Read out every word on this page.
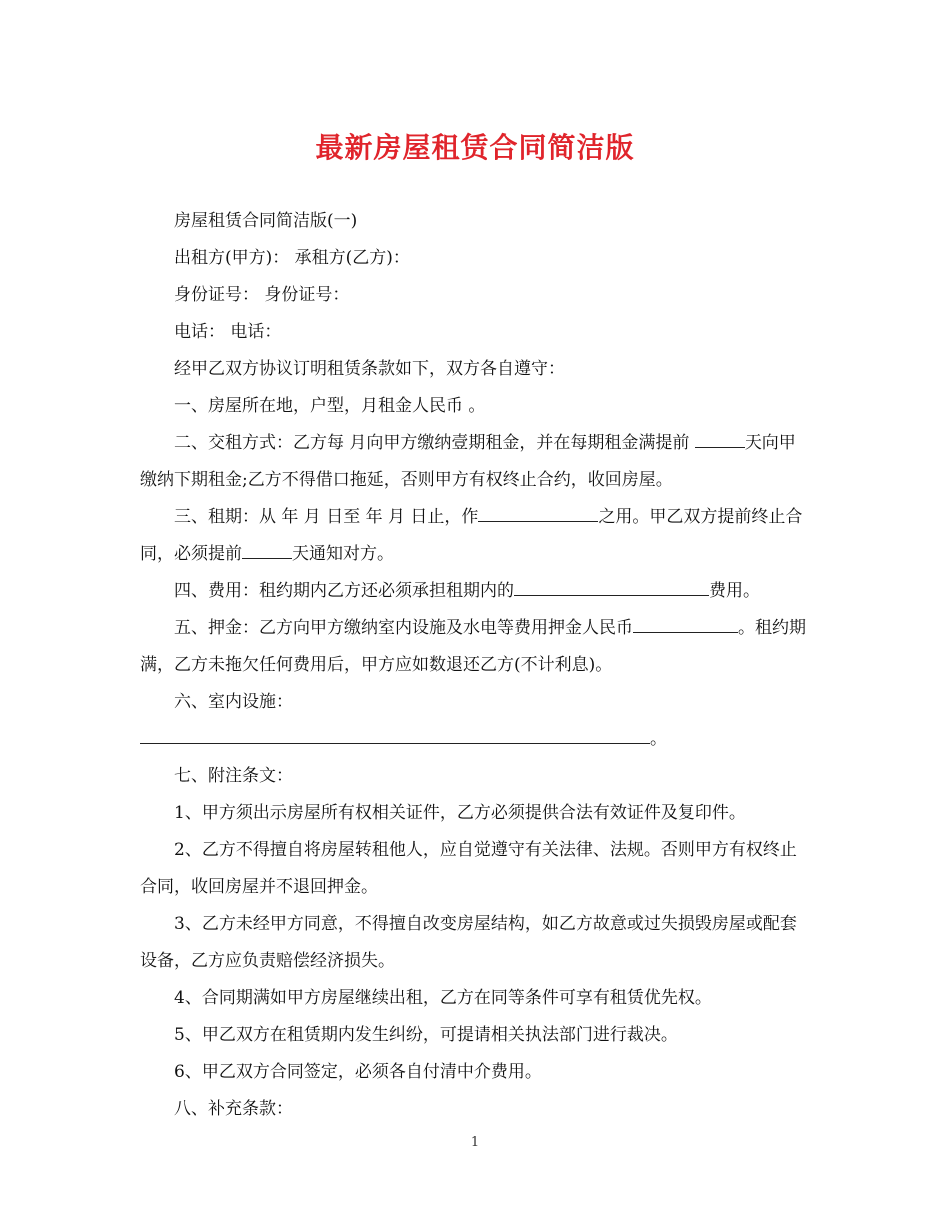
最新房屋租赁合同简洁版

房屋租赁合同简洁版(一)

出租方(甲方)： 承租方(乙方)：

身份证号： 身份证号：

电话： 电话：

经甲乙双方协议订明租赁条款如下，双方各自遵守：

一、房屋所在地，户型，月租金人民币 。

二、交租方式：乙方每 月向甲方缴纳壹期租金，并在每期租金满提前	天向甲缴纳下期租金;乙方不得借口拖延，否则甲方有权终止合约，收回房屋。

三、租期：从 年 月 日至 年 月 日止，作	之用。甲乙双方提前终止合同，必须提前	天通知对方。

四、费用：租约期内乙方还必须承担租期内的	费用。

五、押金：乙方向甲方缴纳室内设施及水电等费用押金人民币	。租约期满，乙方未拖欠任何费用后，甲方应如数退还乙方(不计利息)。

六、室内设施：

。

七、附注条文：

1、甲方须出示房屋所有权相关证件，乙方必须提供合法有效证件及复印件。

2、乙方不得擅自将房屋转租他人，应自觉遵守有关法律、法规。否则甲方有权终止合同，收回房屋并不退回押金。

3、乙方未经甲方同意，不得擅自改变房屋结构，如乙方故意或过失损毁房屋或配套设备，乙方应负责赔偿经济损失。

4、合同期满如甲方房屋继续出租，乙方在同等条件可享有租赁优先权。

5、甲乙双方在租赁期内发生纠纷，可提请相关执法部门进行裁决。

6、甲乙双方合同签定，必须各自付清中介费用。

八、补充条款：

1
